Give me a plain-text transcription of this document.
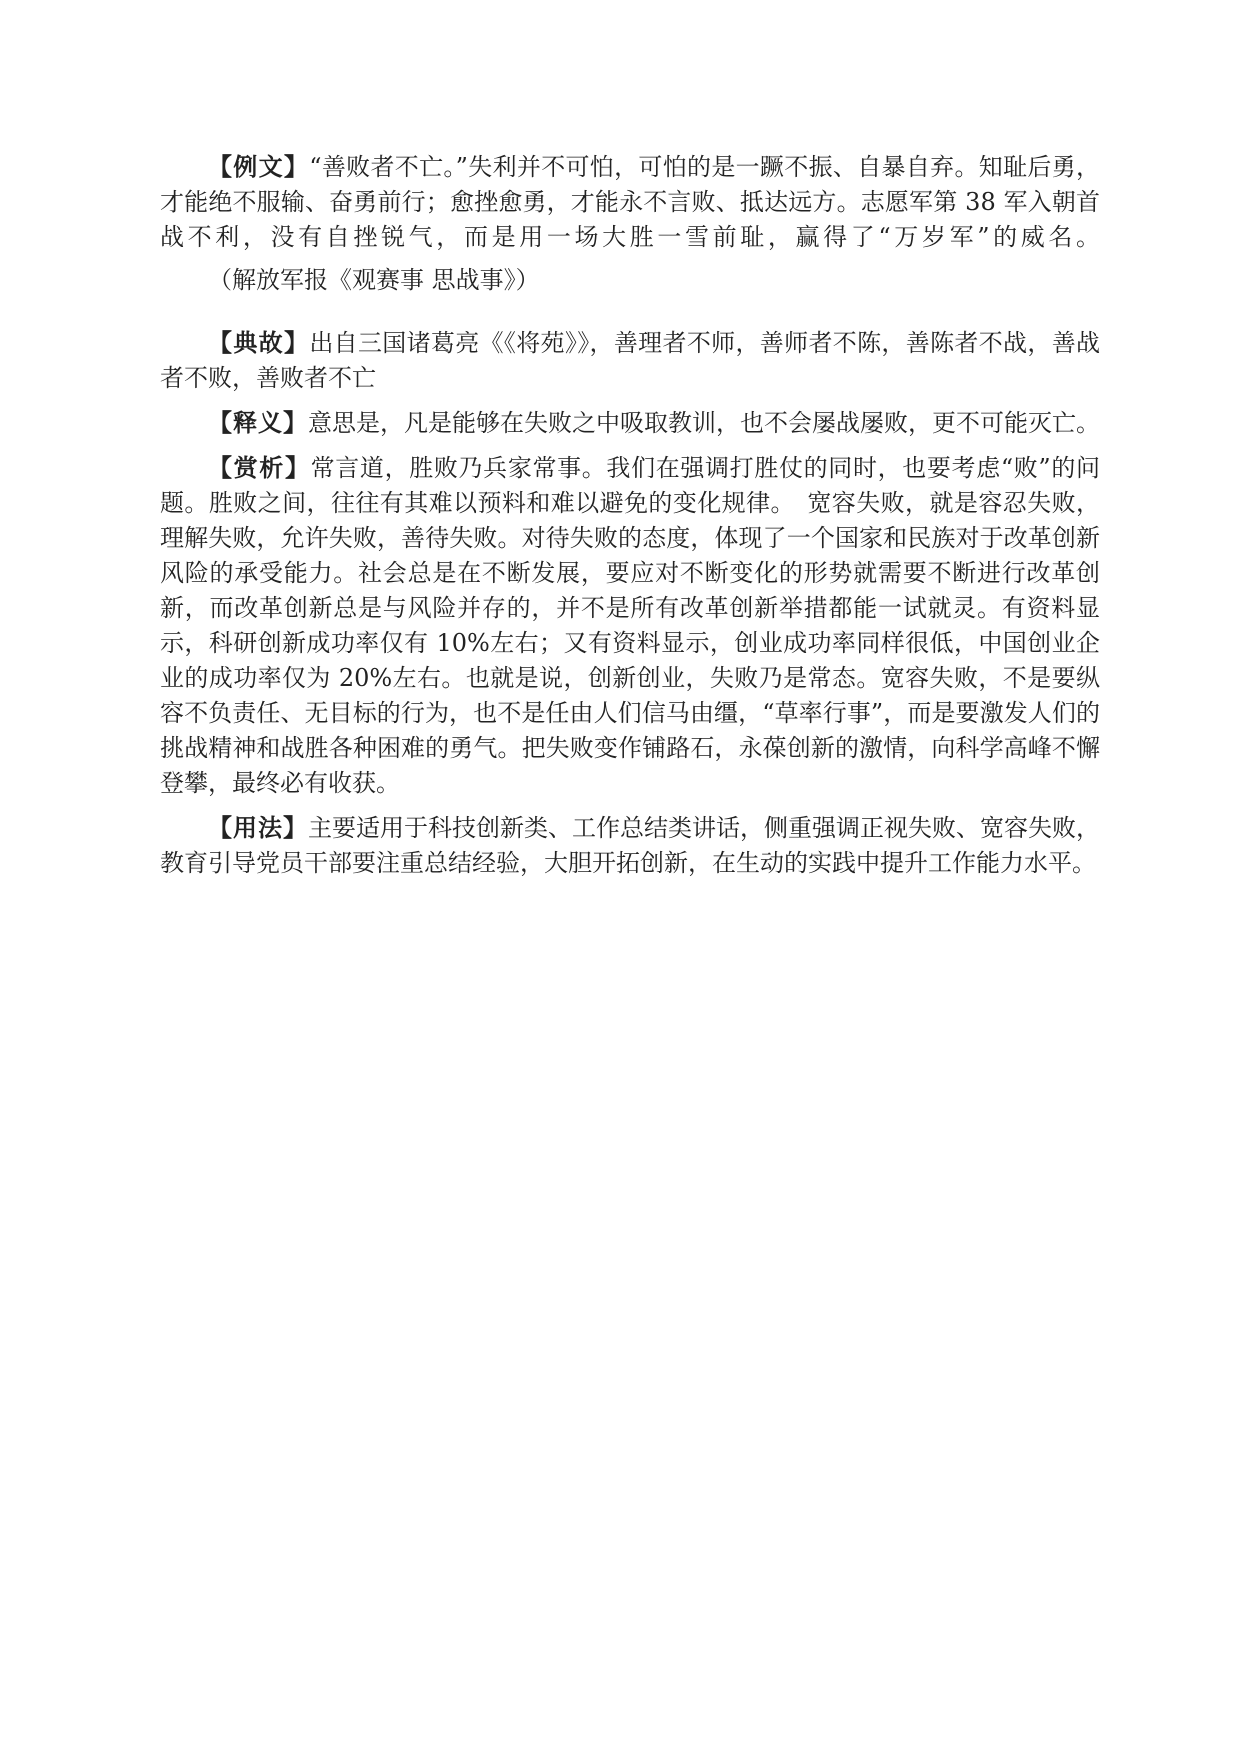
【例文】“善败者不亡。”失利并不可怕，可怕的是一蹶不振、自暴自弃。知耻后勇，才能绝不服输、奋勇前行；愈挫愈勇，才能永不言败、抵达远方。志愿军第 38 军入朝首战不利，没有自挫锐气，而是用一场大胜一雪前耻，赢得了“万岁军”的威名。（解放军报《观赛事 思战事》）

【典故】出自三国诸葛亮《《将苑》》，善理者不师，善师者不陈，善陈者不战，善战者不败，善败者不亡

【释义】意思是，凡是能够在失败之中吸取教训，也不会屡战屡败，更不可能灭亡。

【赏析】常言道，胜败乃兵家常事。我们在强调打胜仗的同时，也要考虑“败”的问题。胜败之间，往往有其难以预料和难以避免的变化规律。　宽容失败，就是容忍失败，理解失败，允许失败，善待失败。对待失败的态度，体现了一个国家和民族对于改革创新风险的承受能力。社会总是在不断发展，要应对不断变化的形势就需要不断进行改革创新，而改革创新总是与风险并存的，并不是所有改革创新举措都能一试就灵。有资料显示，科研创新成功率仅有 10%左右；又有资料显示，创业成功率同样很低，中国创业企业的成功率仅为 20%左右。也就是说，创新创业，失败乃是常态。宽容失败，不是要纵容不负责任、无目标的行为，也不是任由人们信马由缰，“草率行事”，而是要激发人们的挑战精神和战胜各种困难的勇气。把失败变作铺路石，永葆创新的激情，向科学高峰不懈登攀，最终必有收获。

【用法】主要适用于科技创新类、工作总结类讲话，侧重强调正视失败、宽容失败，教育引导党员干部要注重总结经验，大胆开拓创新，在生动的实践中提升工作能力水平。
